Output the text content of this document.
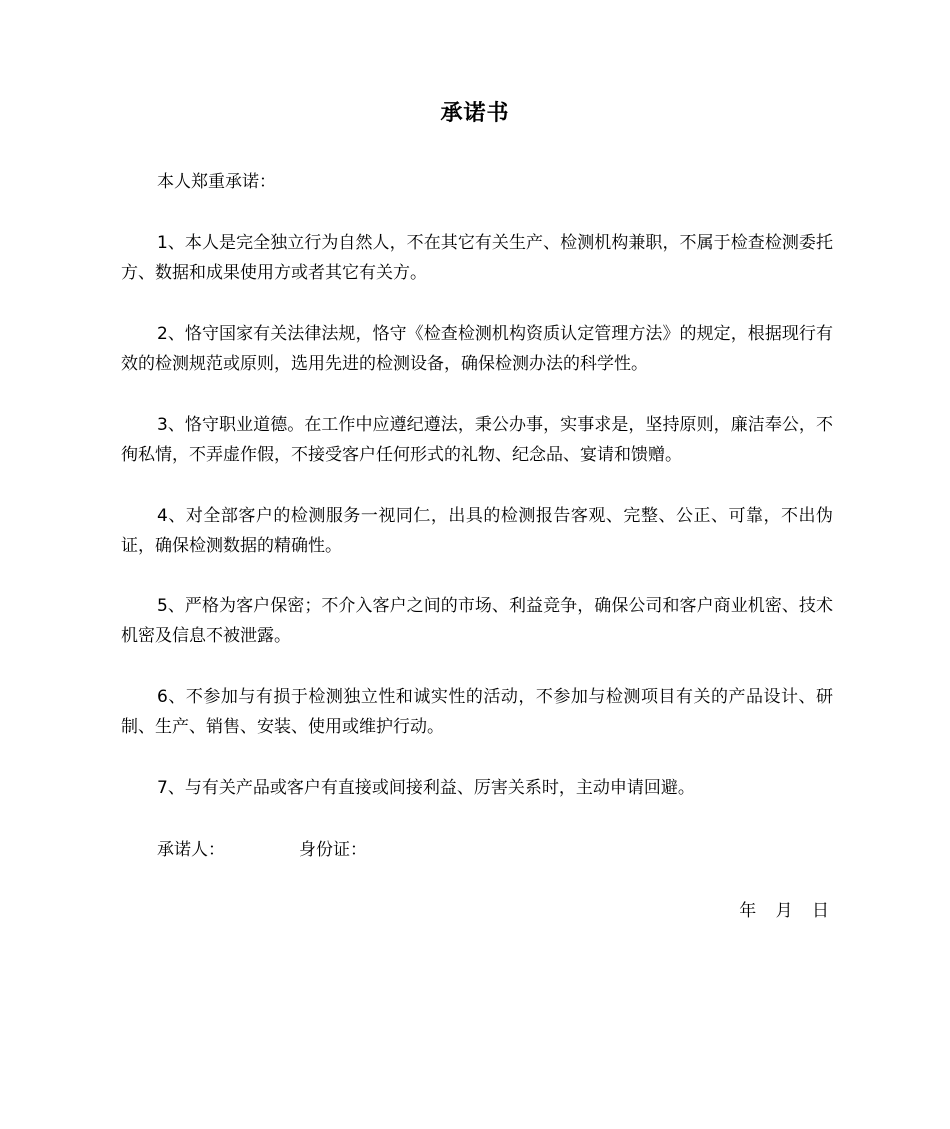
承诺书

本人郑重承诺：

1、本人是完全独立行为自然人，不在其它有关生产、检测机构兼职，不属于检查检测委托方、数据和成果使用方或者其它有关方。

2、恪守国家有关法律法规，恪守《检查检测机构资质认定管理方法》的规定，根据现行有效的检测规范或原则，选用先进的检测设备，确保检测办法的科学性。

3、恪守职业道德。在工作中应遵纪遵法，秉公办事，实事求是，坚持原则，廉洁奉公，不徇私情，不弄虚作假，不接受客户任何形式的礼物、纪念品、宴请和馈赠。

4、对全部客户的检测服务一视同仁，出具的检测报告客观、完整、公正、可靠，不出伪证，确保检测数据的精确性。

5、严格为客户保密；不介入客户之间的市场、利益竞争，确保公司和客户商业机密、技术机密及信息不被泄露。

6、不参加与有损于检测独立性和诚实性的活动，不参加与检测项目有关的产品设计、研制、生产、销售、安装、使用或维护行动。

7、与有关产品或客户有直接或间接利益、厉害关系时，主动申请回避。

承诺人：	身份证：
年 月 日
